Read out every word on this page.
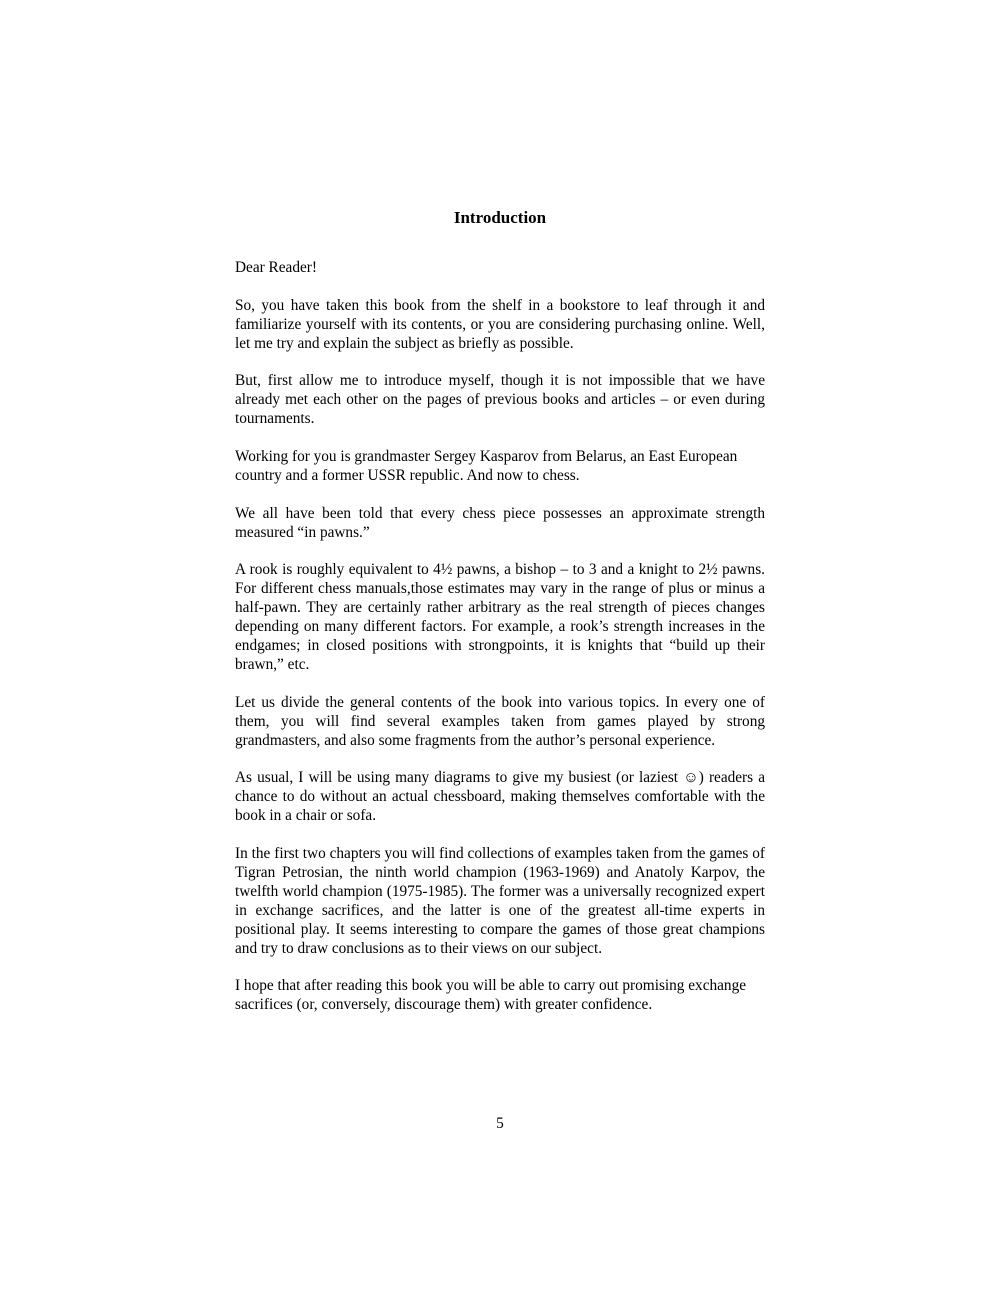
Introduction

Dear Reader!

So, you have taken this book from the shelf in a bookstore to leaf through it and familiarize yourself with its contents, or you are considering purchasing online. Well, let me try and explain the subject as briefly as possible.

But, first allow me to introduce myself, though it is not impossible that we have already met each other on the pages of previous books and articles – or even during tournaments.

Working for you is grandmaster Sergey Kasparov from Belarus, an East European country and a former USSR republic. And now to chess.

We all have been told that every chess piece possesses an approximate strength measured “in pawns.”

A rook is roughly equivalent to 4½ pawns, a bishop – to 3 and a knight to 2½ pawns. For different chess manuals,those estimates may vary in the range of plus or minus a half-pawn. They are certainly rather arbitrary as the real strength of pieces changes depending on many different factors. For example, a rook’s strength increases in the endgames; in closed positions with strongpoints, it is knights that “build up their brawn,” etc.

Let us divide the general contents of the book into various topics. In every one of them, you will find several examples taken from games played by strong grandmasters, and also some fragments from the author’s personal experience.

As usual, I will be using many diagrams to give my busiest (or laziest ☺) readers a chance to do without an actual chessboard, making themselves comfortable with the book in a chair or sofa.

In the first two chapters you will find collections of examples taken from the games of Tigran Petrosian, the ninth world champion (1963-1969) and Anatoly Karpov, the twelfth world champion (1975-1985). The former was a universally recognized expert in exchange sacrifices, and the latter is one of the greatest all-time experts in positional play. It seems interesting to compare the games of those great champions and try to draw conclusions as to their views on our subject.

I hope that after reading this book you will be able to carry out promising exchange sacrifices (or, conversely, discourage them) with greater confidence.

5
